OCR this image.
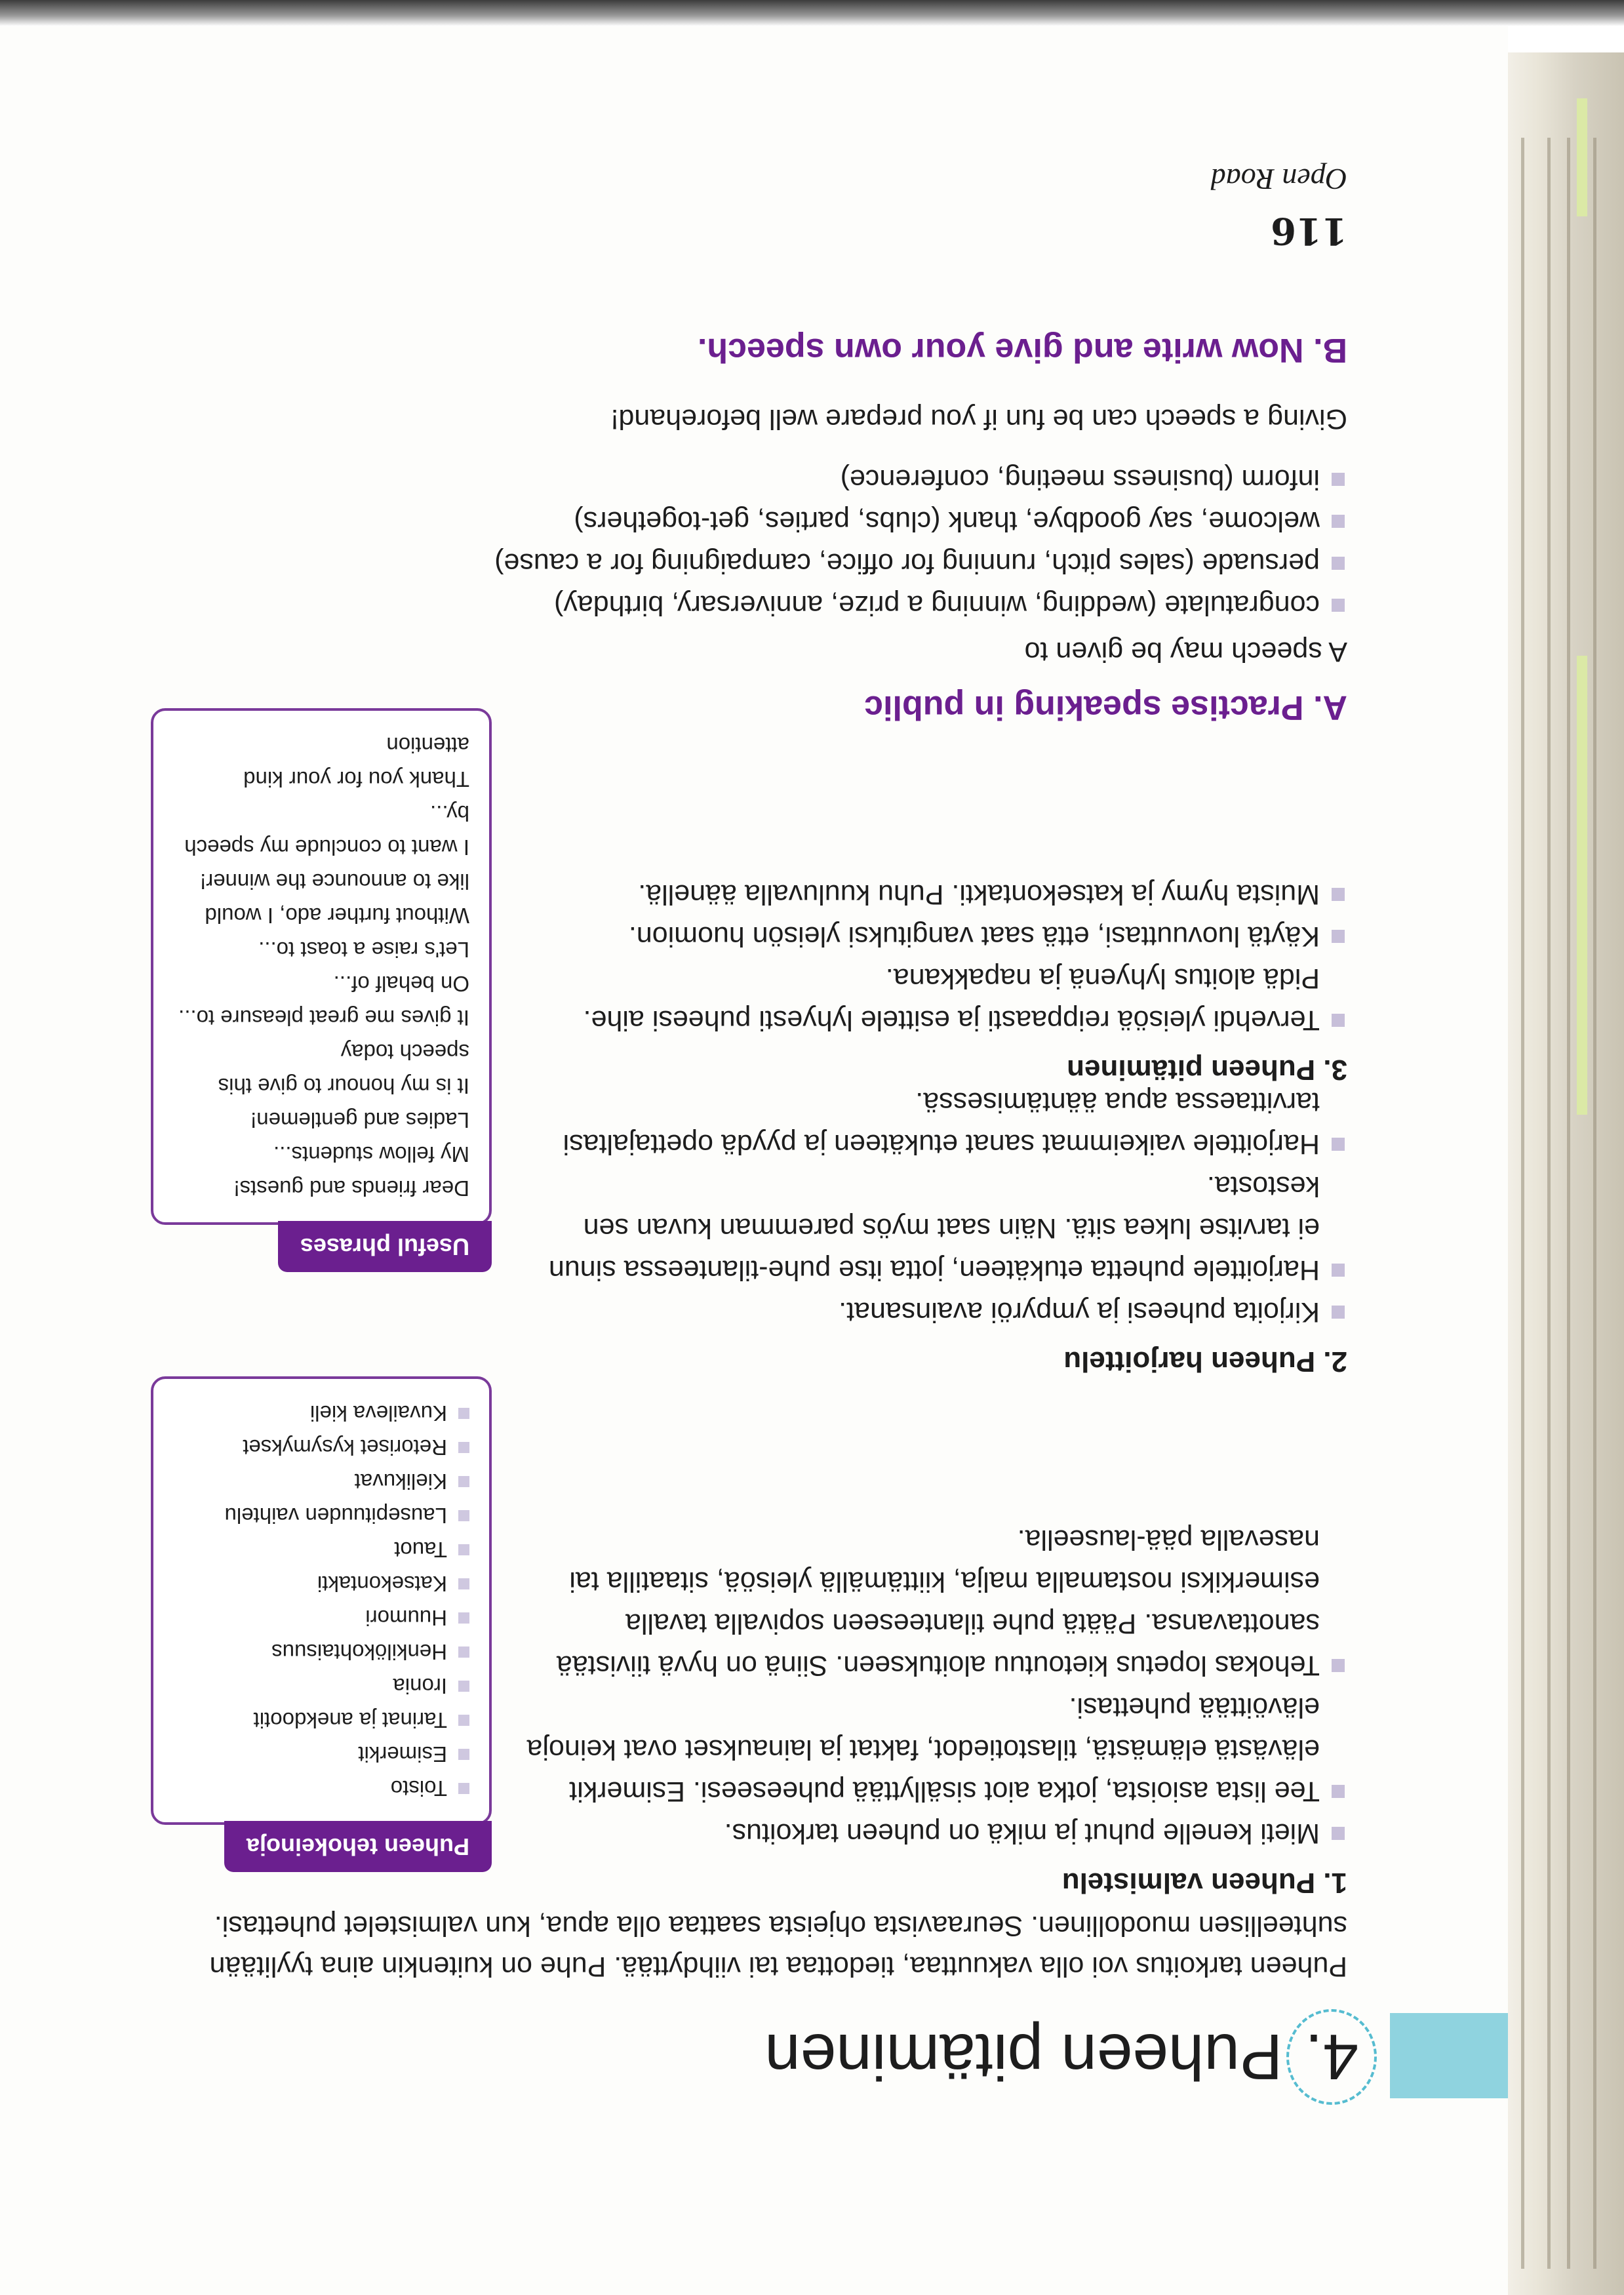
4.
Puheen pitäminen
Puheen tarkoitus voi olla vakuuttaa, tiedottaa tai viihdyttää. Puhe on kuitenkin aina tyylitään suhteellisen muodollinen. Seuraavista ohjeista saattaa olla apua, kun valmistelet puhettasi.
1. Puheen valmistelu
Mieti kenelle puhut ja mikä on puheen tarkoitus.
Tee lista asioista, jotka aiot sisällyttää puheeseesi. Esimerkit elävästä elämästä, tilastotiedot, faktat ja lainaukset ovat keinoja elävöittää puhettasi.
Tehokas lopetus kietoutuu aloitukseen. Siinä on hyvä tiivistää sanottavansa. Päätä puhe tilanteeseen sopivalla tavalla esimerkiksi nostamalla malja, kiittämällä yleisöä, sitaatilla tai nasevalla pää-lauseella.
2. Puheen harjoittelu
Kirjoita puheesi ja ympyröi avainsanat.
Harjoittele puhetta etukäteen, jotta itse puhe-tilanteessa sinun ei tarvitse lukea sitä. Näin saat myös paremman kuvan sen kestosta.
Harjoittele vaikeimmat sanat etukäteen ja pyydä opettajaltasi tarvittaessa apua ääntämisessä.
3. Puheen pitäminen
Tervehdi yleisöä reippaasti ja esittele lyhyesti puheesi aihe. Pidä aloitus lyhyenä ja napakkana.
Käytä luovuuttasi, että saat vangituksi yleisön huomion.
Muista hymy ja katsekontakti. Puhu kuuluvalla äänellä.
Puheen tehokeinoja
Toisto
Esimerkit
Tarinat ja anekdootit
Ironia
Henkilökohtaisuus
Huumori
Katsekontakti
Tauot
Lausepituuden vaihtelu
Kielikuvat
Retoriset kysymykset
Kuvaileva kieli
Useful phrases
Dear friends and guests!
My fellow students...
Ladies and gentlemen!
It is my honour to give this speech today
It gives me great pleasure to...
On behalf of...
Let's raise a toast to...
Without further ado, I would like to announce the winner!
I want to conclude my speech by...
Thank you for your kind attention
A. Practise speaking in public
A speech may be given to
congratulate (wedding, winning a prize, anniversary, birthday)
persuade (sales pitch, running for office, campaigning for a cause)
welcome, say goodbye, thank (clubs, parties, get-togethers)
inform (business meeting, conference)
Giving a speech can be fun if you prepare well beforehand!
B. Now write and give your own speech.
116
Open Road
